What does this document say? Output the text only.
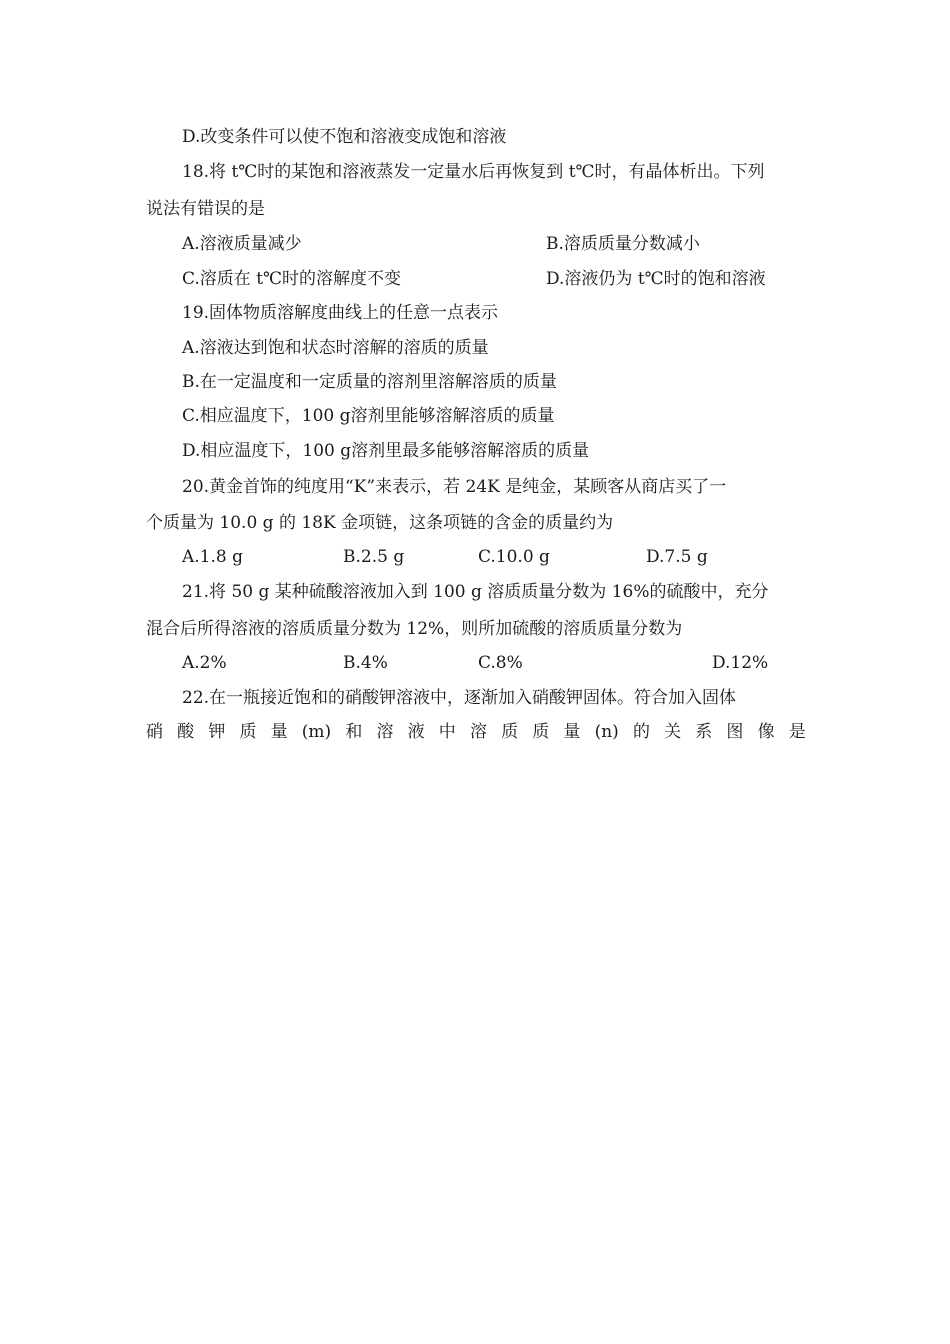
D.改变条件可以使不饱和溶液变成饱和溶液
18.将 t℃时的某饱和溶液蒸发一定量水后再恢复到 t℃时，有晶体析出。下列
说法有错误的是
A.溶液质量减少	B.溶质质量分数减小
C.溶质在 t℃时的溶解度不变	D.溶液仍为 t℃时的饱和溶液
19.固体物质溶解度曲线上的任意一点表示
A.溶液达到饱和状态时溶解的溶质的质量
B.在一定温度和一定质量的溶剂里溶解溶质的质量
C.相应温度下，100 g溶剂里能够溶解溶质的质量
D.相应温度下，100 g溶剂里最多能够溶解溶质的质量
20.黄金首饰的纯度用“K”来表示，若 24K 是纯金，某顾客从商店买了一
个质量为 10.0 g 的 18K 金项链，这条项链的含金的质量约为
A.1.8 g	B.2.5 g	C.10.0 g	D.7.5 g
21.将 50 g 某种硫酸溶液加入到 100 g 溶质质量分数为 16%的硫酸中，充分
混合后所得溶液的溶质质量分数为 12%，则所加硫酸的溶质质量分数为
A.2%	B.4%	C.8%	D.12%
22.在一瓶接近饱和的硝酸钾溶液中，逐渐加入硝酸钾固体。符合加入固体
硝 酸 钾 质 量 (m) 和 溶 液 中 溶 质 质 量 (n) 的 关 系 图 像 是
